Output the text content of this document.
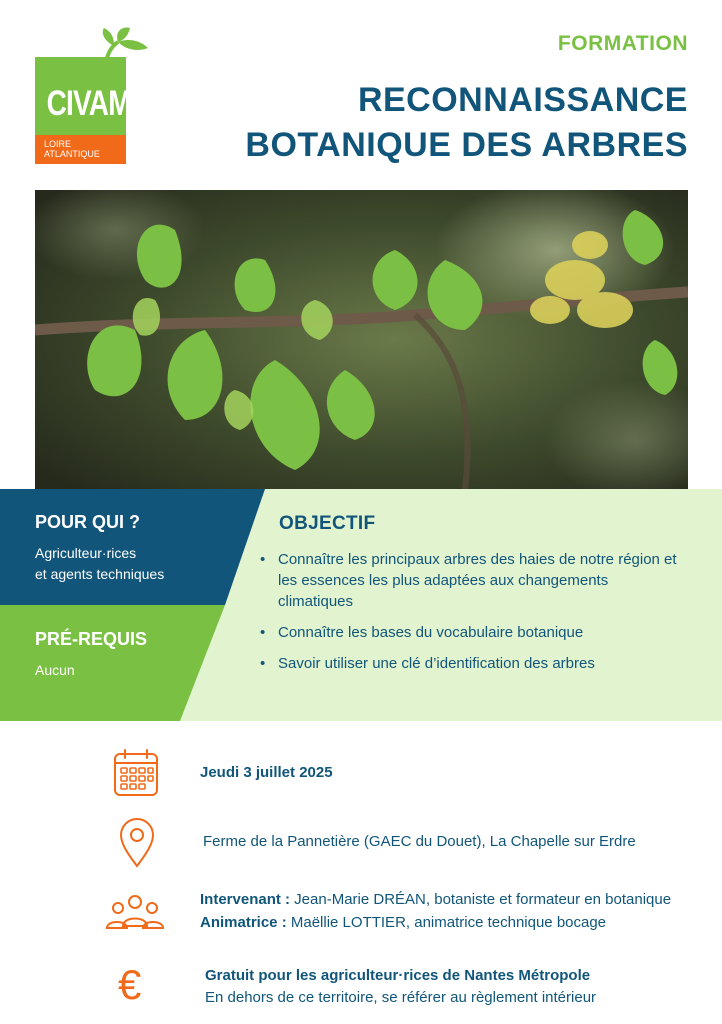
CIVAM
LOIRE
ATLANTIQUE
FORMATION
RECONNAISSANCE
BOTANIQUE DES ARBRES
POUR QUI ?
Agriculteur·rices
et agents techniques
PRÉ-REQUIS
Aucun
OBJECTIF
• Connaître les principaux arbres des haies de notre région et les essences les plus adaptées aux changements climatiques
• Connaître les bases du vocabulaire botanique
• Savoir utiliser une clé d’identification des arbres
Jeudi 3 juillet 2025
Ferme de la Pannetière (GAEC du Douet), La Chapelle sur Erdre
Intervenant : Jean-Marie DRÉAN, botaniste et formateur en botanique
Animatrice : Maëllie LOTTIER, animatrice technique bocage
€	Gratuit pour les agriculteur·rices de Nantes Métropole
En dehors de ce territoire, se référer au règlement intérieur
